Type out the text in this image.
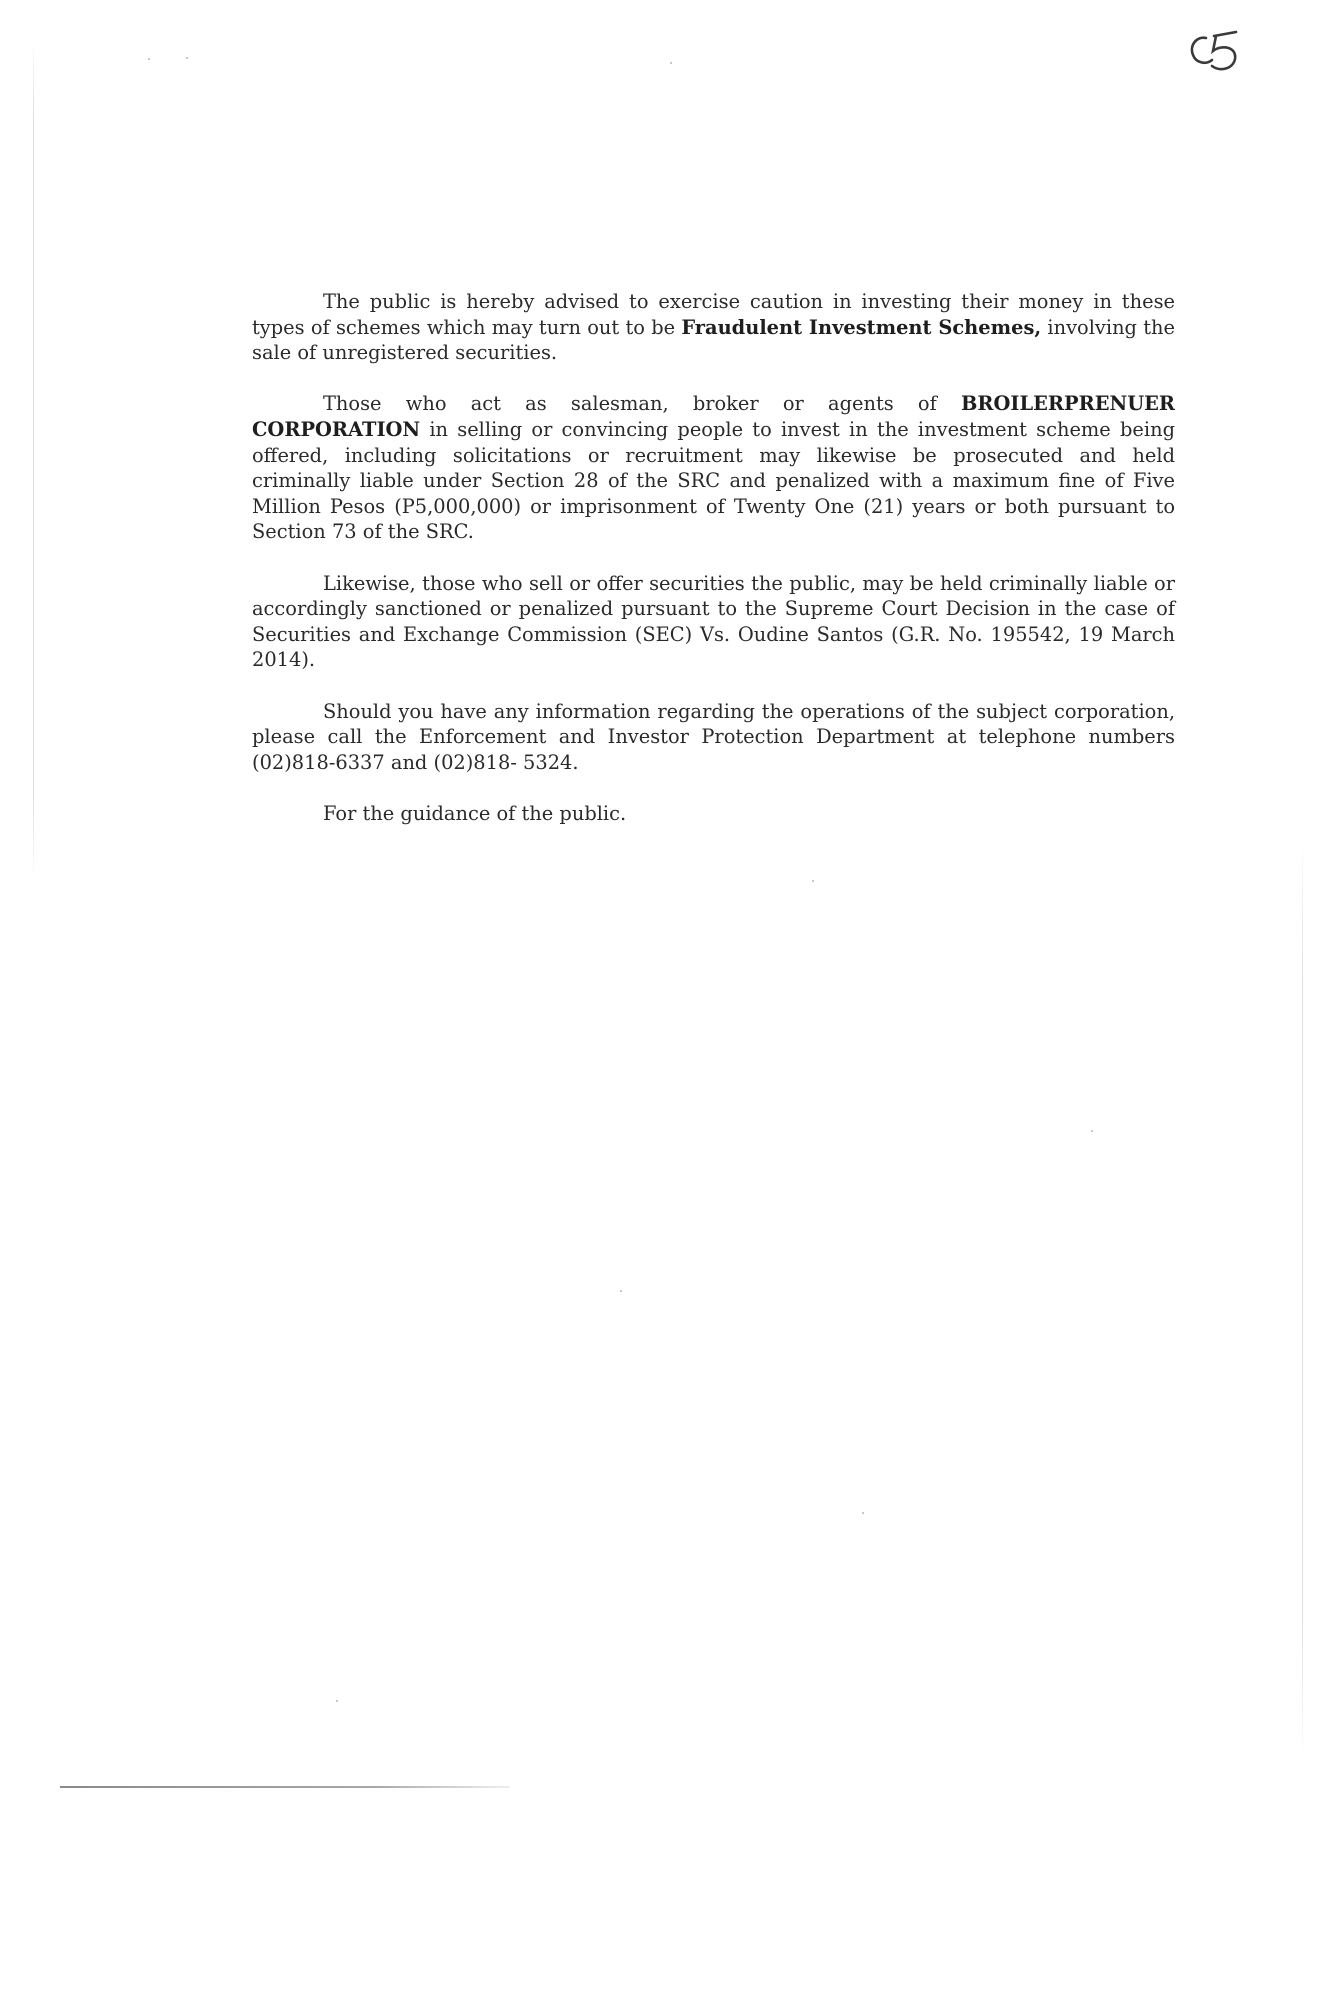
The public is hereby advised to exercise caution in investing their money in these types of schemes which may turn out to be Fraudulent Investment Schemes, involving the sale of unregistered securities.

Those who act as salesman, broker or agents of BROILERPRENUER CORPORATION in selling or convincing people to invest in the investment scheme being offered, including solicitations or recruitment may likewise be prosecuted and held criminally liable under Section 28 of the SRC and penalized with a maximum fine of Five Million Pesos (P5,000,000) or imprisonment of Twenty One (21) years or both pursuant to Section 73 of the SRC.

Likewise, those who sell or offer securities the public, may be held criminally liable or accordingly sanctioned or penalized pursuant to the Supreme Court Decision in the case of Securities and Exchange Commission (SEC) Vs. Oudine Santos (G.R. No. 195542, 19 March 2014).

Should you have any information regarding the operations of the subject corporation, please call the Enforcement and Investor Protection Department at telephone numbers (02)818-6337 and (02)818- 5324.

For the guidance of the public.
